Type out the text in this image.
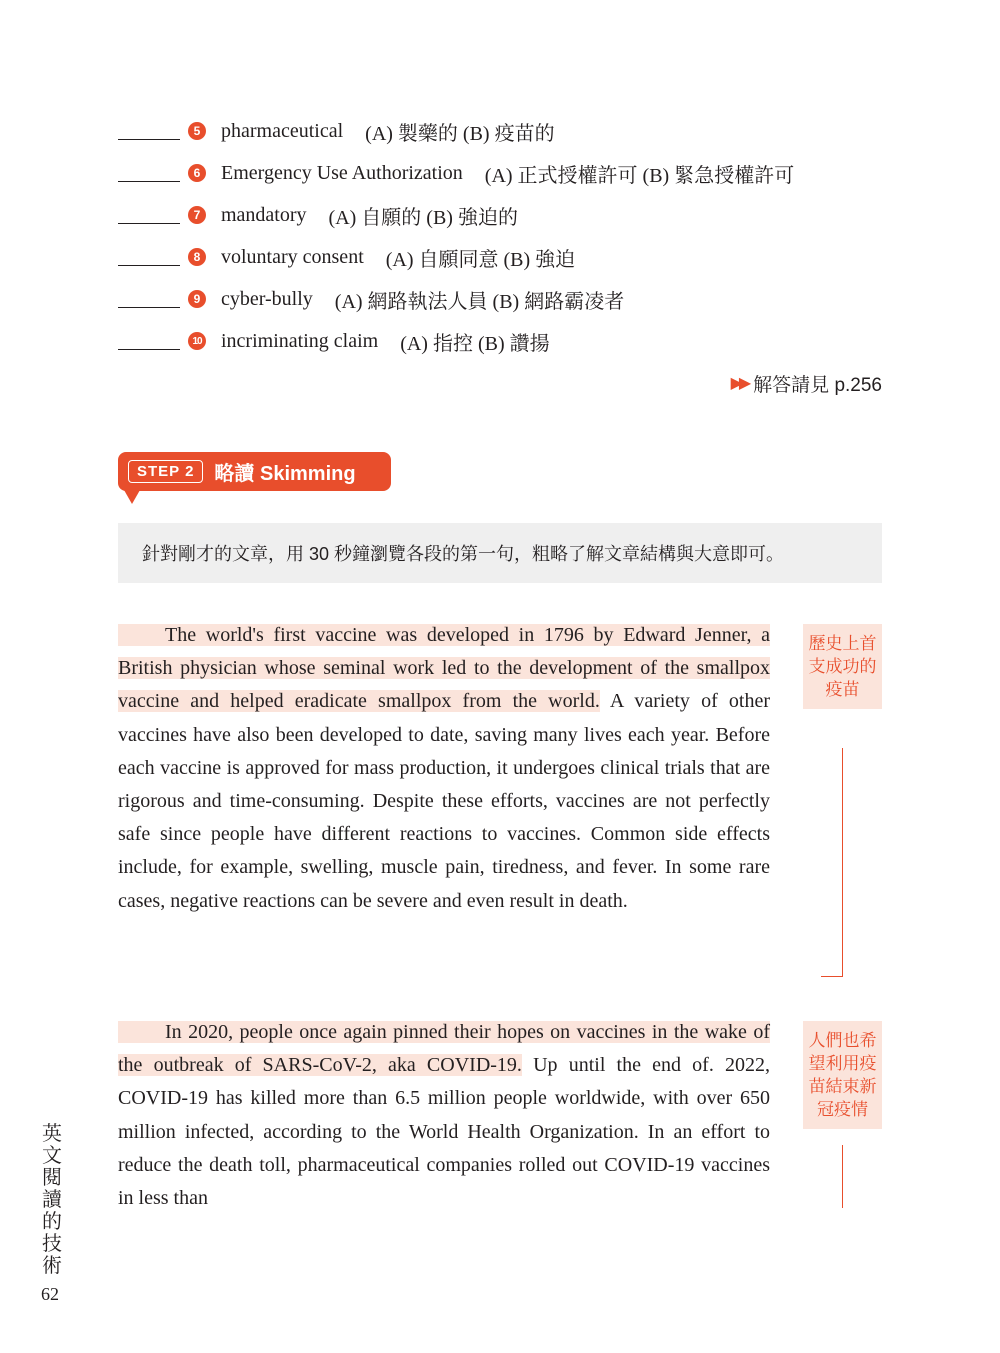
5 pharmaceutical (A) 製藥的 (B) 疫苗的
6 Emergency Use Authorization (A) 正式授權許可 (B) 緊急授權許可
7 mandatory (A) 自願的 (B) 強迫的
8 voluntary consent (A) 自願同意 (B) 強迫
9 cyber-bully (A) 網路執法人員 (B) 網路霸凌者
10 incriminating claim (A) 指控 (B) 讚揚
▶▶ 解答請見 p.256
STEP 2	略讀 Skimming
針對剛才的文章，用 30 秒鐘瀏覽各段的第一句，粗略了解文章結構與大意即可。

The world's first vaccine was developed in 1796 by Edward Jenner, a British physician whose seminal work led to the development of the smallpox vaccine and helped eradicate smallpox from the world. A variety of other vaccines have also been developed to date, saving many lives each year. Before each vaccine is approved for mass production, it undergoes clinical trials that are rigorous and time-consuming. Despite these efforts, vaccines are not perfectly safe since people have different reactions to vaccines. Common side effects include, for example, swelling, muscle pain, tiredness, and fever. In some rare cases, negative reactions can be severe and even result in death.

歷史上首支成功的疫苗

In 2020, people once again pinned their hopes on vaccines in the wake of the outbreak of SARS-CoV-2, aka COVID-19. Up until the end of. 2022, COVID-19 has killed more than 6.5 million people worldwide, with over 650 million infected, according to the World Health Organization. In an effort to reduce the death toll, pharmaceutical companies rolled out COVID-19 vaccines in less than

人們也希望利用疫苗結束新冠疫情
英文閱讀的技術
62
